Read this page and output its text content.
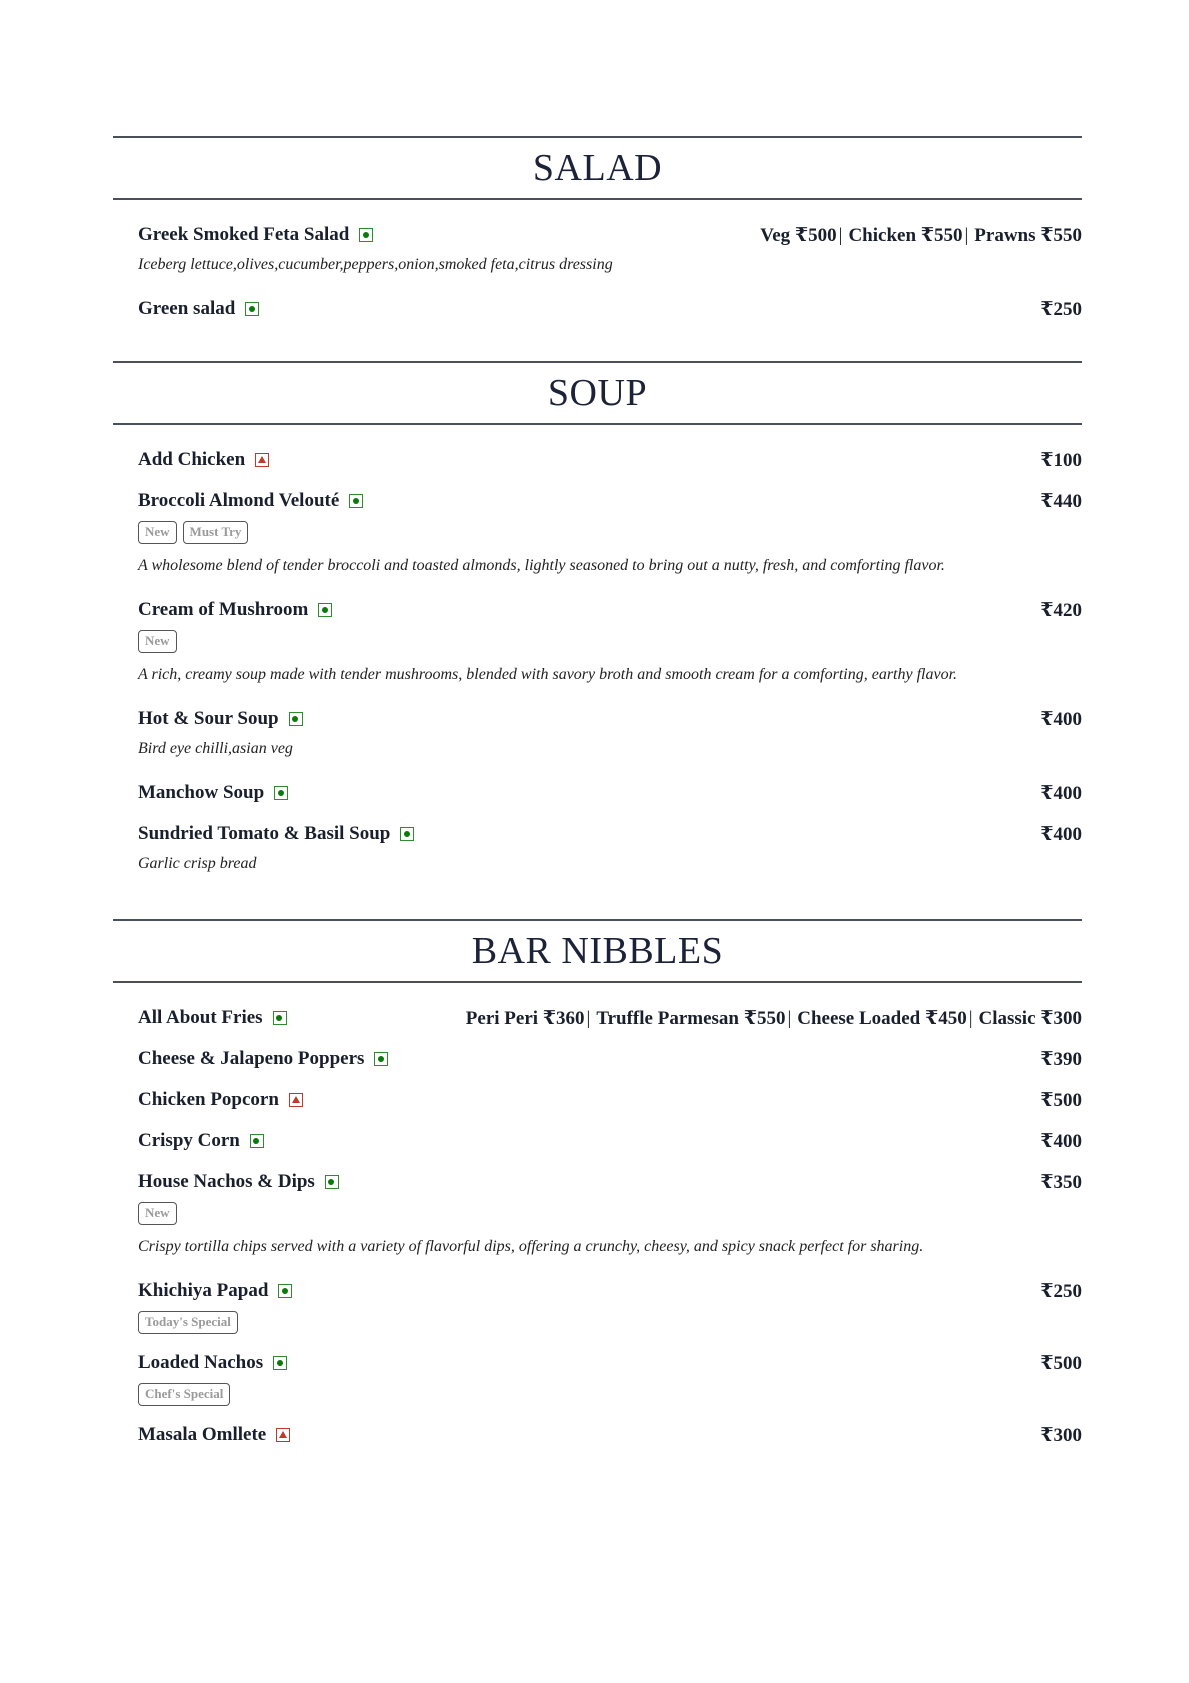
SALAD
Greek Smoked Feta Salad	Veg ₹500 | Chicken ₹550 | Prawns ₹550
Iceberg lettuce,olives,cucumber,peppers,onion,smoked feta,citrus dressing
Green salad	₹250
SOUP
Add Chicken	₹100
Broccoli Almond Velouté	₹440
New	Must Try
A wholesome blend of tender broccoli and toasted almonds, lightly seasoned to bring out a nutty, fresh, and comforting flavor.
Cream of Mushroom	₹420
New
A rich, creamy soup made with tender mushrooms, blended with savory broth and smooth cream for a comforting, earthy flavor.
Hot & Sour Soup	₹400
Bird eye chilli,asian veg
Manchow Soup	₹400
Sundried Tomato & Basil Soup	₹400
Garlic crisp bread
BAR NIBBLES
All About Fries	Peri Peri ₹360 | Truffle Parmesan ₹550 | Cheese Loaded ₹450 | Classic ₹300
Cheese & Jalapeno Poppers	₹390
Chicken Popcorn	₹500
Crispy Corn	₹400
House Nachos & Dips	₹350
New
Crispy tortilla chips served with a variety of flavorful dips, offering a crunchy, cheesy, and spicy snack perfect for sharing.
Khichiya Papad	₹250
Today's Special
Loaded Nachos	₹500
Chef's Special
Masala Omllete	₹300
